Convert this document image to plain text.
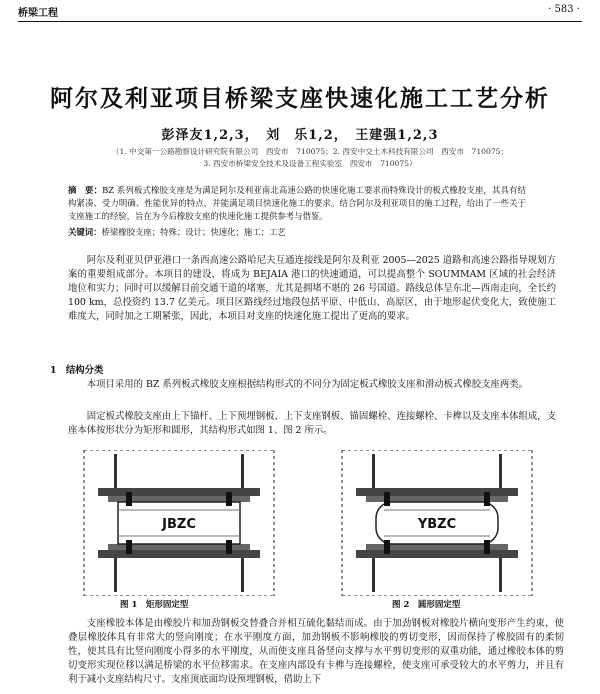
桥梁工程	· 583 ·
阿尔及利亚项目桥梁支座快速化施工工艺分析
彭泽友1,2,3，　刘　乐1,2，　王建强1,2,3
（1. 中交第一公路勘察设计研究院有限公司　西安市　710075；2. 西安中交土木科技有限公司　西安市　710075；
3. 西安市桥梁安全技术及设备工程实验室　西安市　710075）
摘　要：BZ 系列板式橡胶支座是为满足阿尔及利亚南北高速公路的快速化施工要求而特殊设计的板式橡胶支座，其具有结构紧凑、受力明确、性能优异的特点，并能满足项目快速化施工的要求。结合阿尔及利亚项目的施工过程，给出了一些关于支座施工的经验，旨在为今后橡胶支座的快速化施工提供参考与借鉴。
关键词：桥梁橡胶支座；特殊；设计；快速化；施工；工艺
阿尔及利亚贝伊亚港口一条西高速公路哈尼夫互通连接线是阿尔及利亚 2005—2025 道路和高速公路指导规划方案的重要组成部分。本项目的建设，将成为 BEJAIA 港口的快速通道，可以提高整个 SOUMMAM 区域的社会经济地位和实力；同时可以缓解目前交通干道的堵塞，尤其是拥堵不堪的 26 号国道。路线总体呈东北—西南走向，全长约 100 km，总投资约 13.7 亿美元。项目区路线经过地段包括平原、中低山、高原区，由于地形起伏变化大，致使施工难度大，同时加之工期紧张，因此，本项目对支座的快速化施工提出了更高的要求。
1　结构分类
本项目采用的 BZ 系列板式橡胶支座根据结构形式的不同分为固定板式橡胶支座和滑动板式橡胶支座两类。
固定板式橡胶支座由上下锚杆、上下预埋钢板、上下支座钢板、锚固螺栓、连接螺栓、卡榫以及支座本体组成，支座本体按形状分为矩形和圆形，其结构形式如图 1、图 2 所示。
JBZC
图 1　矩形固定型
YBZC
图 2　圆形固定型
支座橡胶本体是由橡胶片和加劲钢板交替叠合并相互硫化黏结而成。由于加劲钢板对橡胶片横向变形产生约束，使叠层橡胶体具有非常大的竖向刚度；在水平刚度方面，加劲钢板不影响橡胶的剪切变形，因而保持了橡胶固有的柔韧性，使其具有比竖向刚度小得多的水平刚度，从而使支座具备竖向支撑与水平剪切变形的双重功能，通过橡胶本体的剪切变形实现位移以满足桥梁的水平位移需求。在支座内部设有卡榫与连接螺栓，使支座可承受较大的水平剪力，并且有利于减小支座结构尺寸。支座顶底面均设预埋钢板，借助上下
